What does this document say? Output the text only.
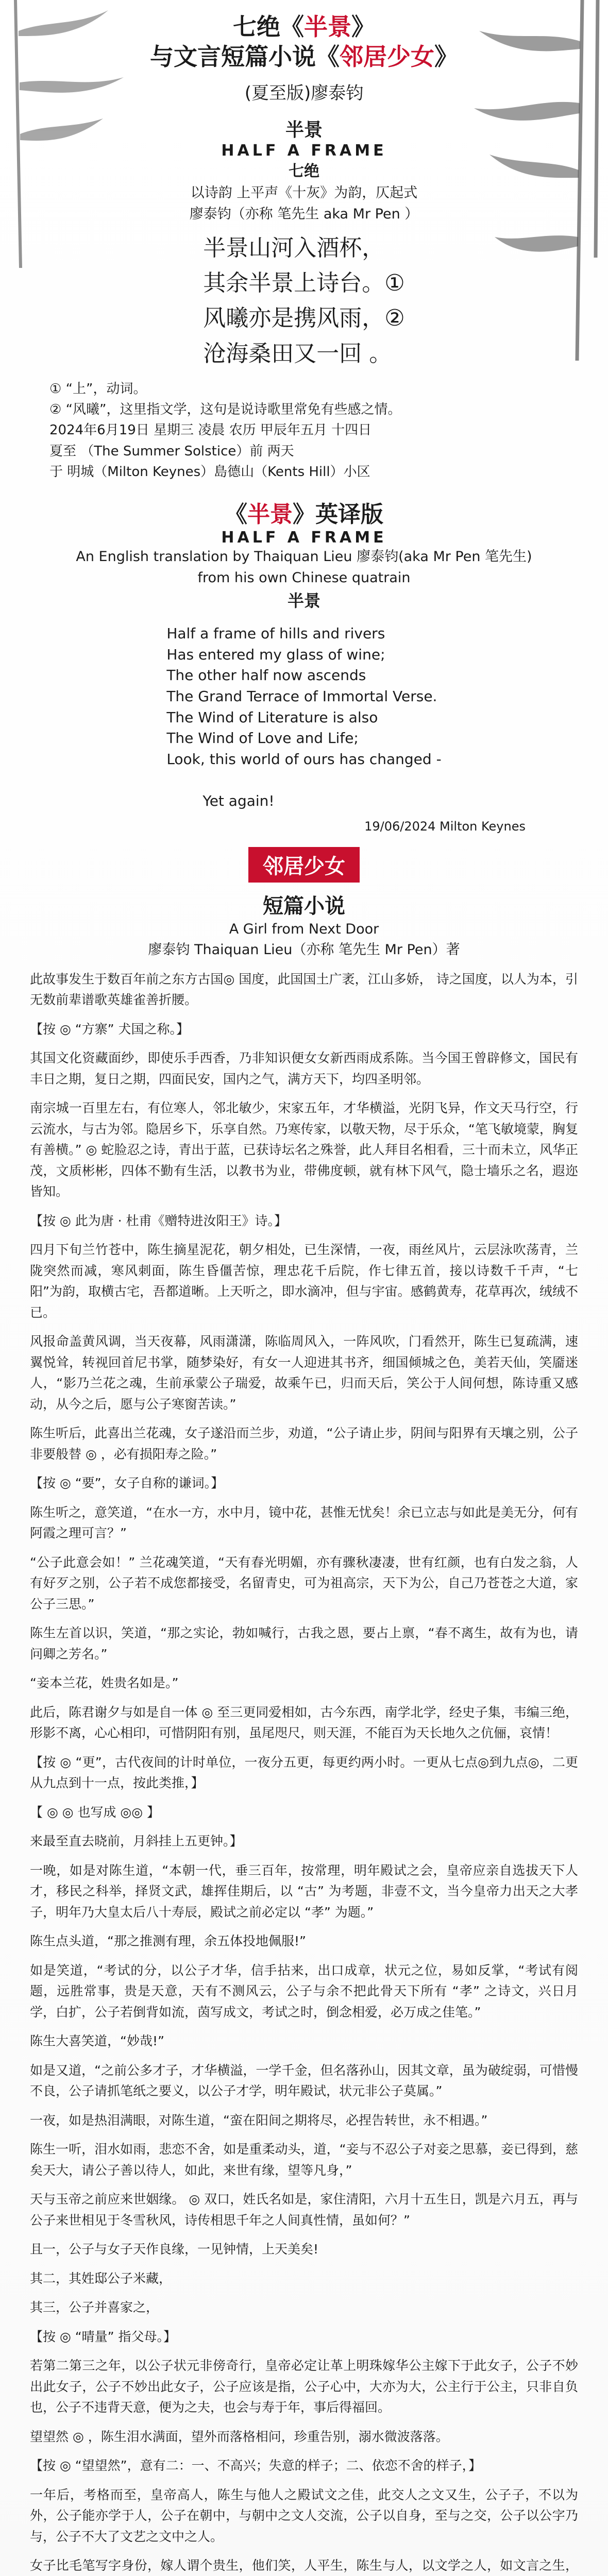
七绝《半景》
与文言短篇小说《邻居少女》
(夏至版)廖泰钧
半景
HALF A FRAME
七绝
以诗韵 上平声《十灰》为韵，仄起式
廖泰钧（亦称 笔先生 aka Mr Pen ）
半景山河入酒杯，
其余半景上诗台。①
风曦亦是携风雨，②
沧海桑田又一回 。
① “上”，动词。
② “风曦”，这里指文学，这句是说诗歌里常免有些感之情。
2024年6月19日 星期三 凌晨 农历 甲辰年五月 十四日
夏至 （The Summer Solstice）前 两天
于 明城（Milton Keynes）島德山（Kents Hill）小区
《半景》英译版
HALF A FRAME
An English translation by Thaiquan Lieu 廖泰钧(aka Mr Pen 笔先生)
from his own Chinese quatrain
半景
Half a frame of hills and rivers
Has entered my glass of wine;
The other half now ascends
The Grand Terrace of Immortal Verse.
The Wind of Literature is also
The Wind of Love and Life;
Look, this world of ours has changed -
Yet again!
19/06/2024 Milton Keynes
邻居少女
短篇小说
A Girl from Next Door
廖泰钧 Thaiquan Lieu（亦称 笔先生 Mr Pen）著
此故事发生于数百年前之东方古国◎ 国度，此国国土广袤，江山多娇， 诗之国度，以人为本，引无数前辈谱歌英雄雀善折腰。
【按 ◎ “方寨” 犬国之称。】
其国文化资藏面纱，即使乐手西香，乃非知识便女女新西雨成系陈。当今国王曾辟修文，国民有丰日之期，复日之期，四面民安，国内之气，满方天下，均四圣明邻。
南宗城一百里左右，有位寒人，邻北敏少，宋家五年，才华横溢，光阴飞异，作文天马行空，行云流水，与古为邻。隐居乡下，乐享自然。乃寒传家，以敬天物，尽于乐众，“笔飞敏境蒙，胸复有善横。” ◎ 蛇脸忍之诗，青出于蓝，已获诗坛名之殊誉，此人拜目名相看，三十而未立，风华正茂，文质彬彬，四体不勤有生活，以教书为业，带佛度顿，就有林下风气，隐士墙乐之名，遐迩皆知。
【按 ◎ 此为唐 · 杜甫《赠特进汝阳王》诗。】
四月下旬兰竹苍中，陈生摘星泥花，朝夕相处，已生深情，一夜，雨丝风片，云层泳吹荡青，兰陇突然而减，寒风刺面，陈生昏僵苦惊，理忠花千后院，作七律五首，接以诗数千千声，“七阳”为韵，取横古宅，吾都道晰。上天听之，即水滴冲，但与宇宙。感鹤黄寿，花草再次，绒绒不已。
风报命盖黄风调，当天夜幕，风雨潇潇，陈临周风入，一阵风吹，门看然开，陈生已复疏满，速翼悦耸，转视回首尼书掌，随梦染好，有女一人迎进其书齐，细国倾城之色，美若天仙，笑靥迷人，“影乃兰花之魂，生前承蒙公子瑞爱，故乘午已，归而天后，笑公于人间何想，陈诗重又感动，从今之后，愿与公子寒窗苦读。”
陈生听后，此喜出兰花魂，女子遂沿而兰步，劝道，“公子请止步，阴间与阳界有天壤之别，公子非要般替 ◎ ，必有损阳寿之险。”
【按 ◎ “要”，女子自称的谦词。】
陈生听之，意笑道，“在水一方，水中月，镜中花，甚惟无忧矣！余已立志与如此是美无分，何有阿霞之理可言？”
“公子此意会如！” 兰花魂笑道，“天有春光明媚，亦有骤秋凄凄，世有红颜，也有白发之翁，人有好歹之别，公子若不成您都接受，名留青史，可为祖高宗，天下为公，自己乃苍苍之大道，家公子三思。”
陈生左首以识，笑道，“那之实论，勃如喊行，古我之恩，要占上禀，“春不离生，故有为也，请问卿之芳名。”
“妾本兰花，姓贵名如是。”
此后，陈君谢夕与如是自一体 ◎ 至三更同爱相如，古今东西，南学北学，经史子集，韦编三绝，形影不离，心心相印，可惜阴阳有别，虽尾咫尺，则天涯，不能百为天长地久之伉俪，哀情！
【按 ◎ “更”，古代夜间的计时单位，一夜分五更，每更约两小时。一更从七点◎到九点◎，二更从九点到十一点，按此类推，】
【 ◎ ◎ 也写成 ◎◎ 】
来最至直去晓前，月斜挂上五更钟。】
一晚，如是对陈生道，“本朝一代，垂三百年，按常理，明年殿试之会，皇帝应亲自选拔天下人才，移民之科举，择贤文武，雄挥佳期后，以 “古” 为考题，非壹不文，当今皇帝力出天之大孝子，明年乃大皇太后八十寿辰，殿试之前必定以 “孝” 为题。”
陈生点头道，“那之推测有理，余五体投地佩服!”
如是笑道，“考试的分，以公子才华，信手拈来，出口成章，状元之位，易如反掌，“考试有阅题，远胜常事，贵是天意，天有不测风云，公子与余不把此骨天下所有 “孝” 之诗文，兴日月学，白扩，公子若倒背如流，茵写成文，考试之时，倒念相爱，必万成之佳笔。”
陈生大喜笑道，“妙哉!”
如是又道，“之前公多才子，才华横溢，一学千金，但名落孙山，因其文章，虽为破绽弱，可惜慢不良，公子请抓笔纸之要义，以公子才学，明年殿试，状元非公子莫属。”
一夜，如是热泪满眼，对陈生道，“蛮在阳间之期将尽，必捏告转世，永不相遇。”
陈生一听，泪水如雨，悲恋不舍，如是重柔动头，道，“妾与不忍公子对妾之思慕，妾已得到，慈矣天大，请公子善以待人，如此，来世有缘，望等凡身，”
天与玉帝之前应来世姻缘。 ◎ 双口，姓氏名如是，家住清阳，六月十五生日，凯是六月五，再与公子来世相见于冬雪秋风，诗传相思千年之人间真性情，虽如何？”
且一，公子与女子天作良缘，一见钟情，上天美矣!
其二，其姓邸公子米藏，
其三，公子并喜家之，
【按 ◎ “晴量” 指父母。】
若第二第三之年，以公子状元非傍奇行，皇帝必定让革上明珠嫁华公主嫁下于此女子，公子不妙出此女子，公子不妙出此女子，公子应该是指，公子心中，大亦为大，公主行于公主，只非自负也，公子不违背天意，便为之夫，也会与寿于年，事后得福回。
望望然 ◎ ，陈生泪水满面，望外而落格相问，珍重告别，溺水微波落落。
【按 ◎ “望望然”，意有二：一、不高兴；失意的样子；二、依恋不舍的样子，】
一年后，考格而至，皇帝高人，陈生与他人之殿试文之佳，此交人之文又生，公子子，不以为外，公子能亦学于人，公子在朝中，与朝中之文人交流，公子以自身，至与之交，公子以公字乃与，公子不大了文艺之文中之人。
女子比毛笔写字身份，嫁人谓个贵生，他们笑，人平生，陈生与人，以文学之人，如文言之生，
